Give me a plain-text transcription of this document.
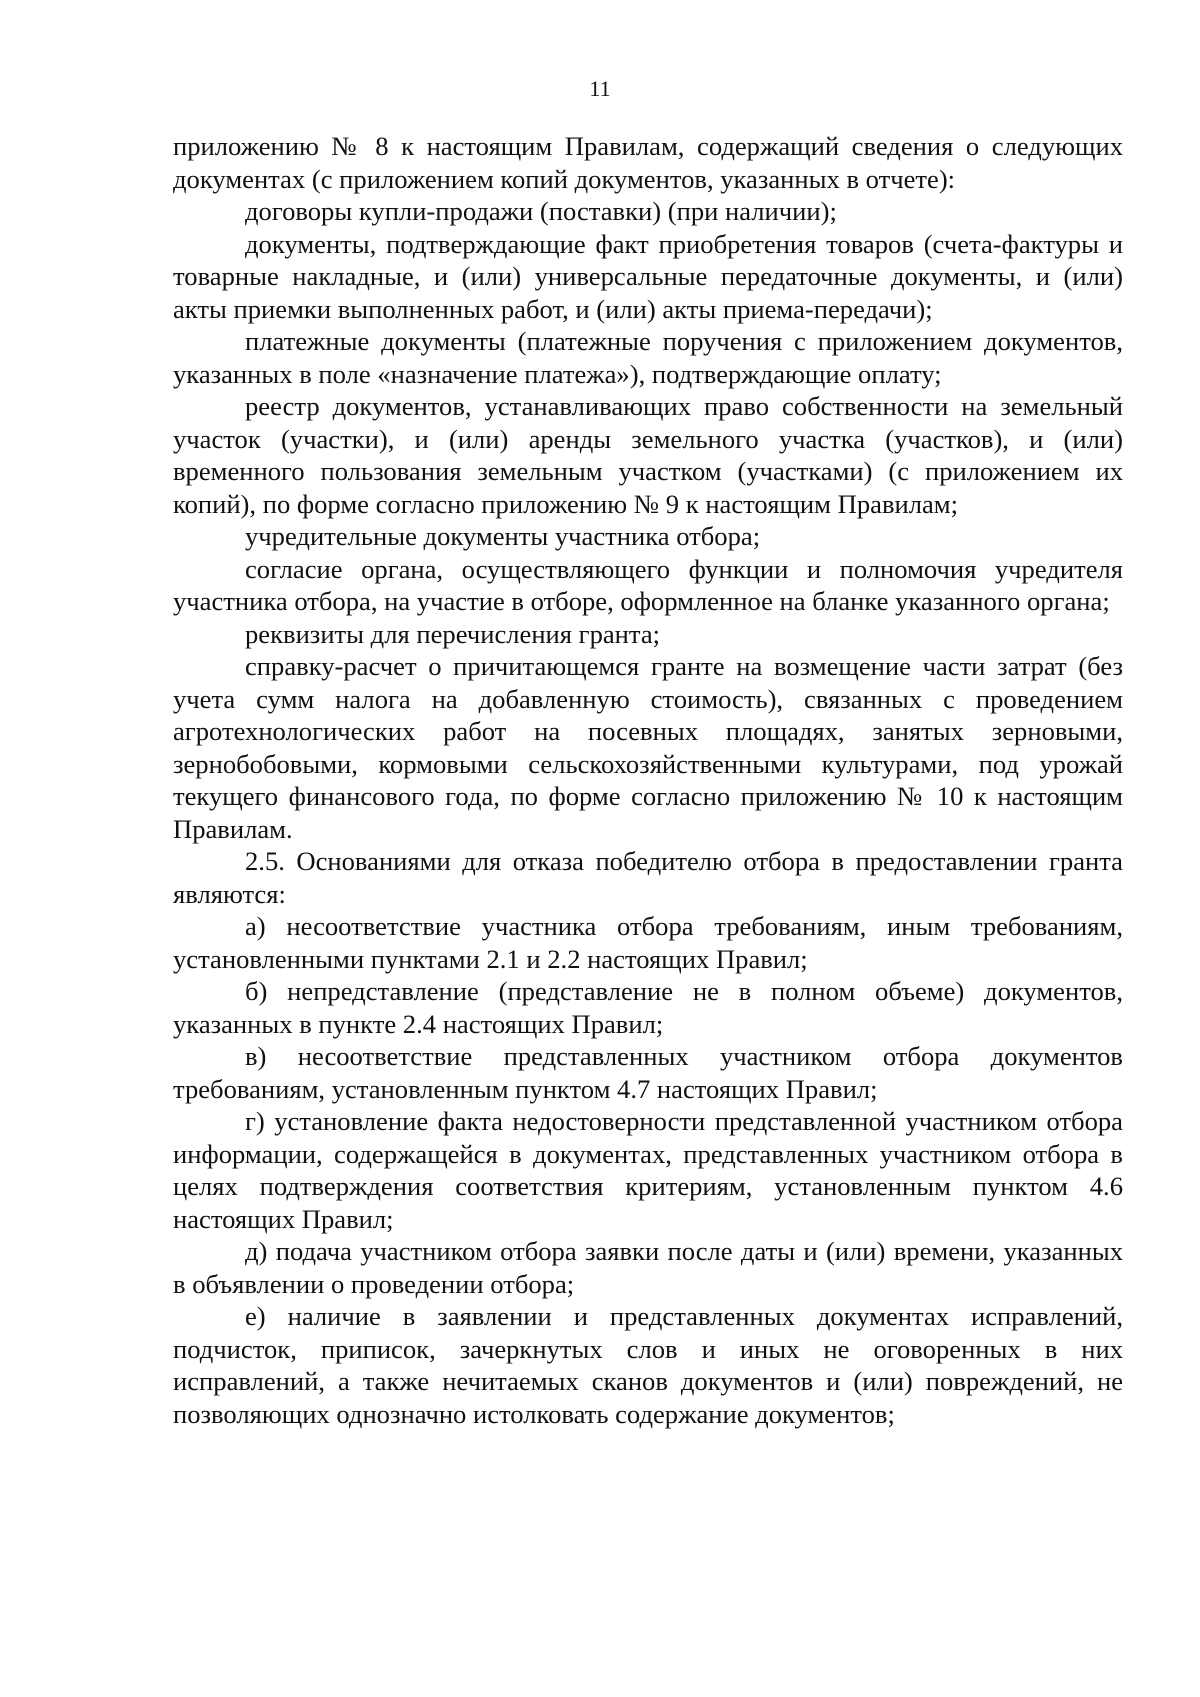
11

приложению № 8 к настоящим Правилам, содержащий сведения о следующих документах (с приложением копий документов, указанных в отчете):

договоры купли-продажи (поставки) (при наличии);

документы, подтверждающие факт приобретения товаров (счета-фактуры и товарные накладные, и (или) универсальные передаточные документы, и (или) акты приемки выполненных работ, и (или) акты приема-передачи);

платежные документы (платежные поручения с приложением документов, указанных в поле «назначение платежа»), подтверждающие оплату;

реестр документов, устанавливающих право собственности на земельный участок (участки), и (или) аренды земельного участка (участков), и (или) временного пользования земельным участком (участками) (с приложением их копий), по форме согласно приложению № 9 к настоящим Правилам;

учредительные документы участника отбора;

согласие органа, осуществляющего функции и полномочия учредителя участника отбора, на участие в отборе, оформленное на бланке указанного органа;

реквизиты для перечисления гранта;

справку-расчет о причитающемся гранте на возмещение части затрат (без учета сумм налога на добавленную стоимость), связанных с проведением агротехнологических работ на посевных площадях, занятых зерновыми, зернобобовыми, кормовыми сельскохозяйственными культурами, под урожай текущего финансового года, по форме согласно приложению № 10 к настоящим Правилам.

2.5. Основаниями для отказа победителю отбора в предоставлении гранта являются:

а) несоответствие участника отбора требованиям, иным требованиям, установленными пунктами 2.1 и 2.2 настоящих Правил;

б) непредставление (представление не в полном объеме) документов, указанных в пункте 2.4 настоящих Правил;

в) несоответствие представленных участником отбора документов требованиям, установленным пунктом 4.7 настоящих Правил;

г) установление факта недостоверности представленной участником отбора информации, содержащейся в документах, представленных участником отбора в целях подтверждения соответствия критериям, установленным пунктом 4.6 настоящих Правил;

д) подача участником отбора заявки после даты и (или) времени, указанных в объявлении о проведении отбора;

е) наличие в заявлении и представленных документах исправлений, подчисток, приписок, зачеркнутых слов и иных не оговоренных в них исправлений, а также нечитаемых сканов документов и (или) повреждений, не позволяющих однозначно истолковать содержание документов;
